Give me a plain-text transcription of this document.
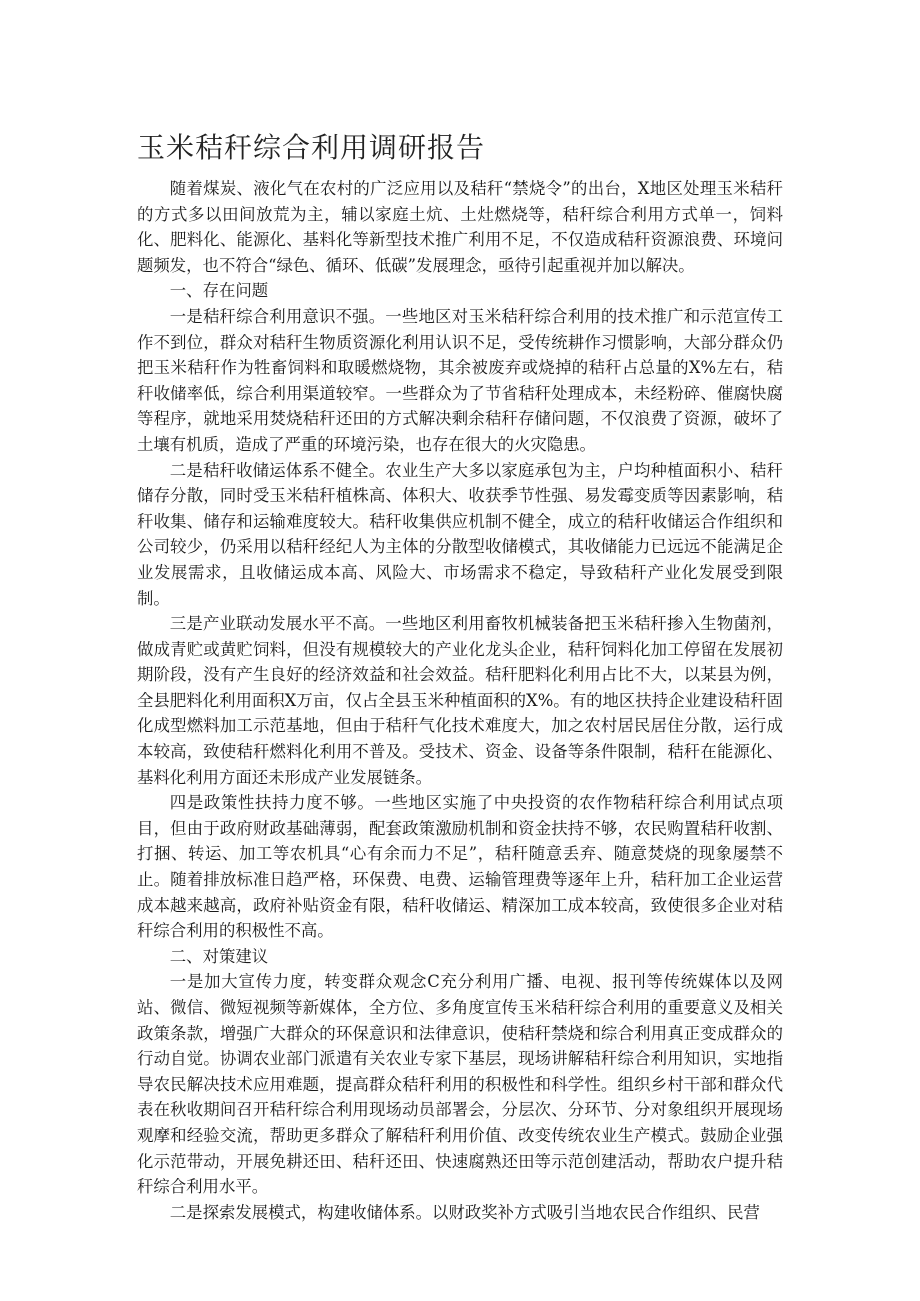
玉米秸秆综合利用调研报告

随着煤炭、液化气在农村的广泛应用以及秸秆“禁烧令”的出台，X地区处理玉米秸秆的方式多以田间放荒为主，辅以家庭土炕、土灶燃烧等，秸秆综合利用方式单一，饲料化、肥料化、能源化、基料化等新型技术推广利用不足，不仅造成秸秆资源浪费、环境问题频发，也不符合“绿色、循环、低碳”发展理念，亟待引起重视并加以解决。

一、存在问题

一是秸秆综合利用意识不强。一些地区对玉米秸秆综合利用的技术推广和示范宣传工作不到位，群众对秸秆生物质资源化利用认识不足，受传统耕作习惯影响，大部分群众仍把玉米秸秆作为牲畜饲料和取暖燃烧物，其余被废弃或烧掉的秸秆占总量的X%左右，秸秆收储率低，综合利用渠道较窄。一些群众为了节省秸秆处理成本，未经粉碎、催腐快腐等程序，就地采用焚烧秸秆还田的方式解决剩余秸秆存储问题，不仅浪费了资源，破坏了土壤有机质，造成了严重的环境污染，也存在很大的火灾隐患。

二是秸秆收储运体系不健全。农业生产大多以家庭承包为主，户均种植面积小、秸秆储存分散，同时受玉米秸秆植株高、体积大、收获季节性强、易发霉变质等因素影响，秸秆收集、储存和运输难度较大。秸秆收集供应机制不健全，成立的秸秆收储运合作组织和公司较少，仍采用以秸秆经纪人为主体的分散型收储模式，其收储能力已远远不能满足企业发展需求，且收储运成本高、风险大、市场需求不稳定，导致秸秆产业化发展受到限制。

三是产业联动发展水平不高。一些地区利用畜牧机械装备把玉米秸秆掺入生物菌剂，做成青贮或黄贮饲料，但没有规模较大的产业化龙头企业，秸秆饲料化加工停留在发展初期阶段，没有产生良好的经济效益和社会效益。秸秆肥料化利用占比不大，以某县为例，全县肥料化利用面积X万亩，仅占全县玉米种植面积的X%。有的地区扶持企业建设秸秆固化成型燃料加工示范基地，但由于秸秆气化技术难度大，加之农村居民居住分散，运行成本较高，致使秸秆燃料化利用不普及。受技术、资金、设备等条件限制，秸秆在能源化、基料化利用方面还未形成产业发展链条。

四是政策性扶持力度不够。一些地区实施了中央投资的农作物秸秆综合利用试点项目，但由于政府财政基础薄弱，配套政策激励机制和资金扶持不够，农民购置秸秆收割、打捆、转运、加工等农机具“心有余而力不足”，秸秆随意丢弃、随意焚烧的现象屡禁不止。随着排放标准日趋严格，环保费、电费、运输管理费等逐年上升，秸秆加工企业运营成本越来越高，政府补贴资金有限，秸秆收储运、精深加工成本较高，致使很多企业对秸秆综合利用的积极性不高。

二、对策建议

一是加大宣传力度，转变群众观念C充分利用广播、电视、报刊等传统媒体以及网站、微信、微短视频等新媒体，全方位、多角度宣传玉米秸秆综合利用的重要意义及相关政策条款，增强广大群众的环保意识和法律意识，使秸秆禁烧和综合利用真正变成群众的行动自觉。协调农业部门派遣有关农业专家下基层，现场讲解秸秆综合利用知识，实地指导农民解决技术应用难题，提高群众秸秆利用的积极性和科学性。组织乡村干部和群众代表在秋收期间召开秸秆综合利用现场动员部署会，分层次、分环节、分对象组织开展现场观摩和经验交流，帮助更多群众了解秸秆利用价值、改变传统农业生产模式。鼓励企业强化示范带动，开展免耕还田、秸秆还田、快速腐熟还田等示范创建活动，帮助农户提升秸秆综合利用水平。

二是探索发展模式，构建收储体系。以财政奖补方式吸引当地农民合作组织、民营
